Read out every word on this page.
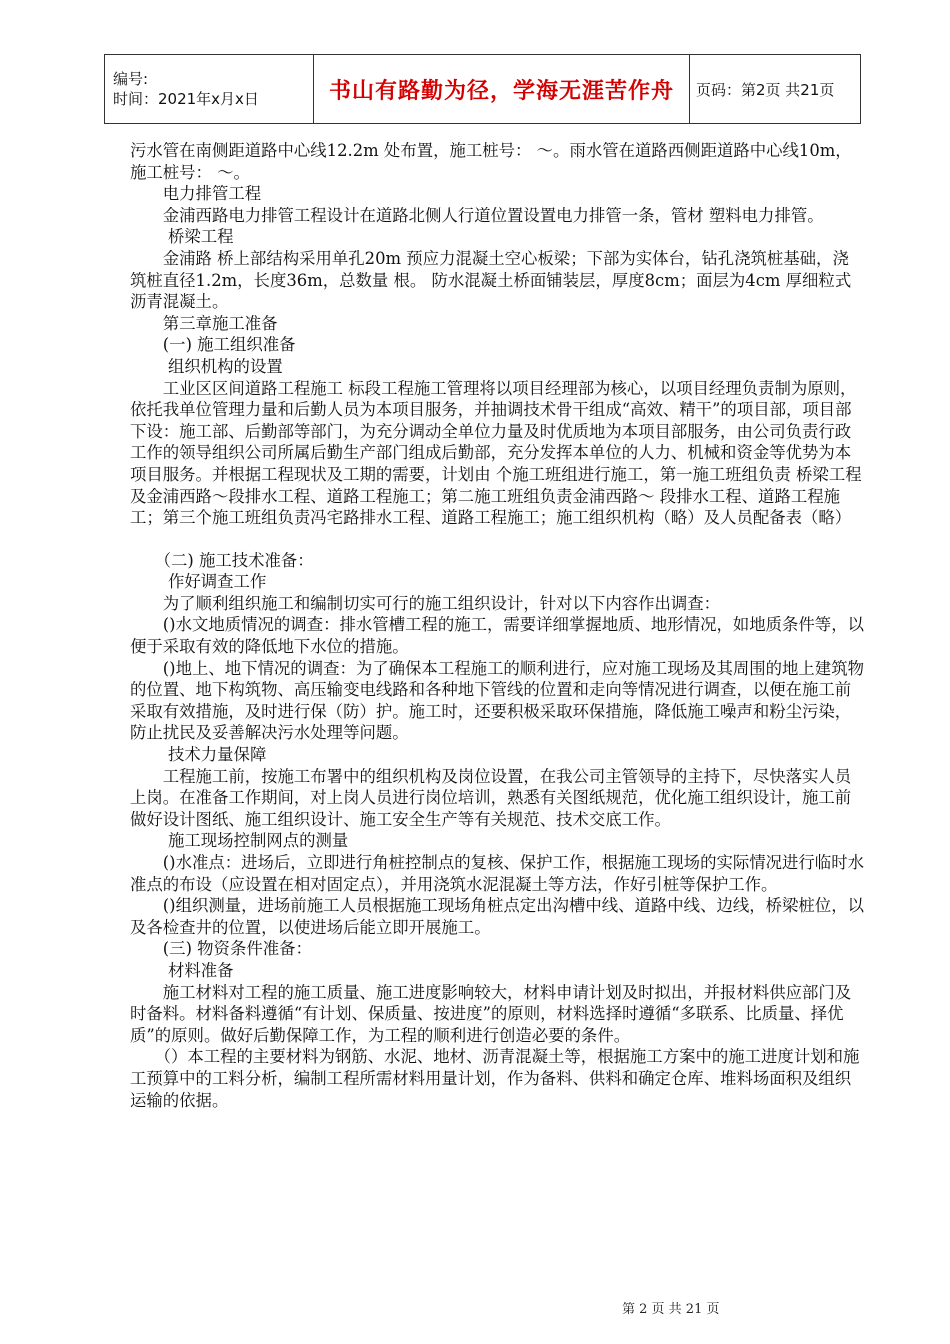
编号:
时间：2021年x月x日	书山有路勤为径，学海无涯苦作舟	页码：第2页 共21页

污水管在南侧距道路中心线12.2m 处布置，施工桩号： ～。雨水管在道路西侧距道路中心线10m，施工桩号： ～。

　　电力排管工程

　　金浦西路电力排管工程设计在道路北侧人行道位置设置电力排管一条，管材 塑料电力排管。

　　 桥梁工程

　　金浦路 桥上部结构采用单孔20m 预应力混凝土空心板梁；下部为实体台，钻孔浇筑桩基础，浇筑桩直径1.2m，长度36m，总数量 根。 防水混凝土桥面铺装层，厚度8cm；面层为4cm 厚细粒式沥青混凝土。

　　第三章施工准备

　　(一) 施工组织准备

　　 组织机构的设置

　　工业区区间道路工程施工 标段工程施工管理将以项目经理部为核心，以项目经理负责制为原则，依托我单位管理力量和后勤人员为本项目服务，并抽调技术骨干组成“高效、精干”的项目部，项目部下设：施工部、后勤部等部门，为充分调动全单位力量及时优质地为本项目部服务，由公司负责行政工作的领导组织公司所属后勤生产部门组成后勤部，充分发挥本单位的人力、机械和资金等优势为本项目服务。并根据工程现状及工期的需要，计划由 个施工班组进行施工，第一施工班组负责 桥梁工程及金浦西路～段排水工程、道路工程施工；第二施工班组负责金浦西路～ 段排水工程、道路工程施工；第三个施工班组负责冯宅路排水工程、道路工程施工；施工组织机构（略）及人员配备表（略）

　　（二) 施工技术准备：

　　 作好调查工作

　　为了顺利组织施工和编制切实可行的施工组织设计，针对以下内容作出调查：

　　()水文地质情况的调查：排水管槽工程的施工，需要详细掌握地质、地形情况，如地质条件等，以便于采取有效的降低地下水位的措施。

　　()地上、地下情况的调查：为了确保本工程施工的顺利进行，应对施工现场及其周围的地上建筑物的位置、地下构筑物、高压输变电线路和各种地下管线的位置和走向等情况进行调查，以便在施工前采取有效措施，及时进行保（防）护。施工时，还要积极采取环保措施，降低施工噪声和粉尘污染，防止扰民及妥善解决污水处理等问题。

　　 技术力量保障

　　工程施工前，按施工布署中的组织机构及岗位设置，在我公司主管领导的主持下，尽快落实人员上岗。在准备工作期间，对上岗人员进行岗位培训，熟悉有关图纸规范，优化施工组织设计，施工前做好设计图纸、施工组织设计、施工安全生产等有关规范、技术交底工作。

　　 施工现场控制网点的测量

　　()水准点：进场后，立即进行角桩控制点的复核、保护工作，根据施工现场的实际情况进行临时水准点的布设（应设置在相对固定点），并用浇筑水泥混凝土等方法，作好引桩等保护工作。

　　()组织测量，进场前施工人员根据施工现场角桩点定出沟槽中线、道路中线、边线，桥梁桩位，以及各检查井的位置，以使进场后能立即开展施工。

　　(三) 物资条件准备：

　　 材料准备

　　施工材料对工程的施工质量、施工进度影响较大，材料申请计划及时拟出，并报材料供应部门及时备料。材料备料遵循“有计划、保质量、按进度”的原则，材料选择时遵循“多联系、比质量、择优质”的原则。做好后勤保障工作，为工程的顺利进行创造必要的条件。

　　（）本工程的主要材料为钢筋、水泥、地材、沥青混凝土等，根据施工方案中的施工进度计划和施工预算中的工料分析，编制工程所需材料用量计划，作为备料、供料和确定仓库、堆料场面积及组织运输的依据。

第 2 页 共 21 页
